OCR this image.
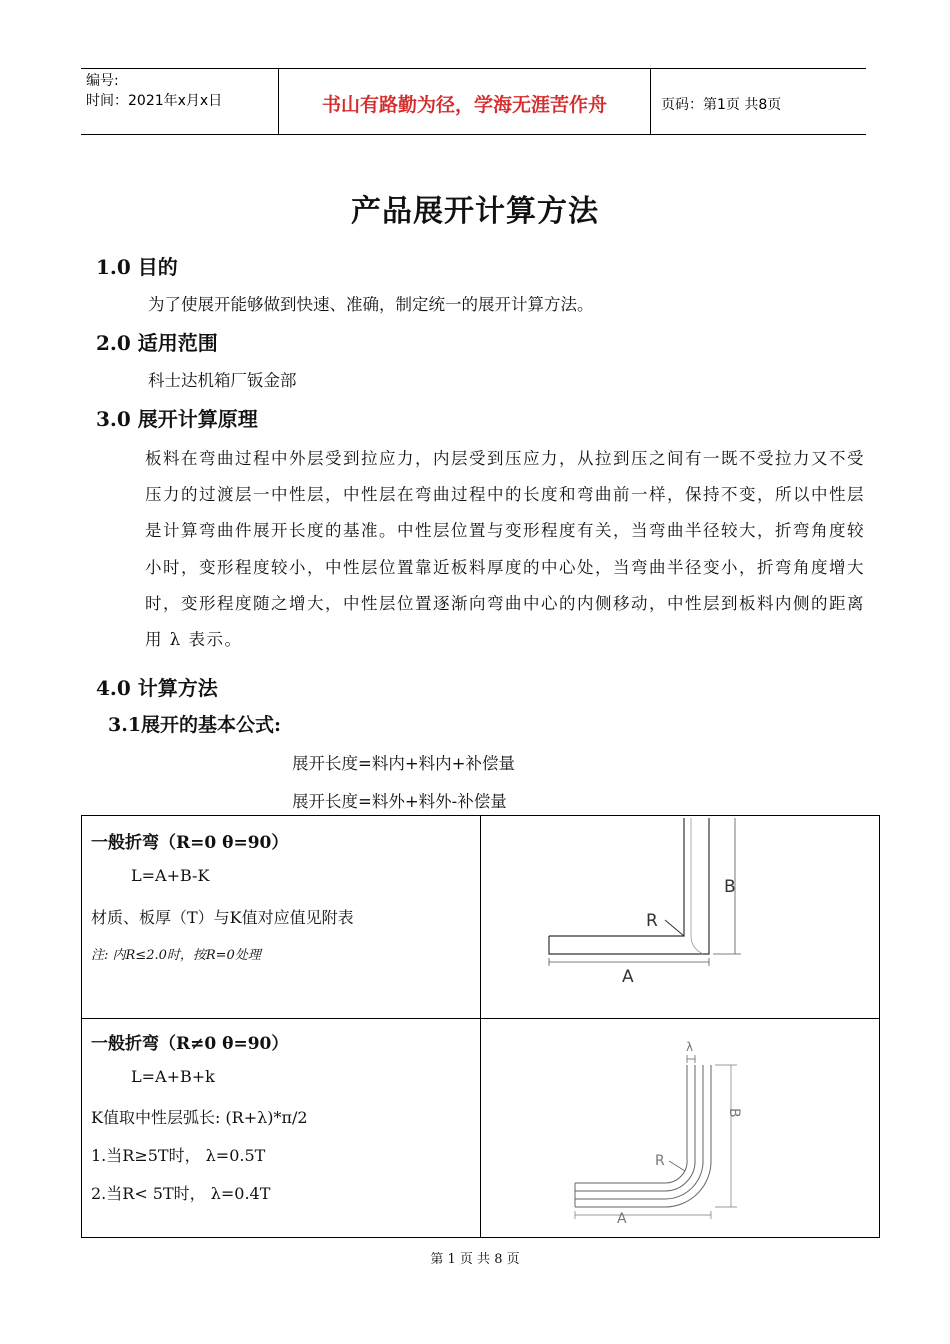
编号:
时间：2021年x月x日	书山有路勤为径，学海无涯苦作舟	页码：第1页 共8页
产品展开计算方法
1.0 目的
为了使展开能够做到快速、准确，制定统一的展开计算方法。
2.0 适用范围
科士达机箱厂钣金部
3.0 展开计算原理
板料在弯曲过程中外层受到拉应力，内层受到压应力，从拉到压之间有一既不受拉力又不受压力的过渡层一中性层，中性层在弯曲过程中的长度和弯曲前一样，保持不变，所以中性层是计算弯曲件展开长度的基准。中性层位置与变形程度有关，当弯曲半径较大，折弯角度较小时，变形程度较小，中性层位置靠近板料厚度的中心处，当弯曲半径变小，折弯角度增大时，变形程度随之增大，中性层位置逐渐向弯曲中心的内侧移动，中性层到板料内侧的距离用 λ 表示。
4.0 计算方法
3.1展开的基本公式:
展开长度=料内+料内+补偿量
展开长度=料外+料外-补偿量
一般折弯（R=0 θ=90）
L=A+B-K
材质、板厚（T）与K值对应值见附表
注: 内R≤2.0时，按R=0处理
R
A
B
一般折弯（R≠0 θ=90）
L=A+B+k
K值取中性层弧长: (R+λ)*π/2
1.当R≥5T时， λ=0.5T
2.当R< 5T时， λ=0.4T
λ
R
B
A
第 1 页 共 8 页
